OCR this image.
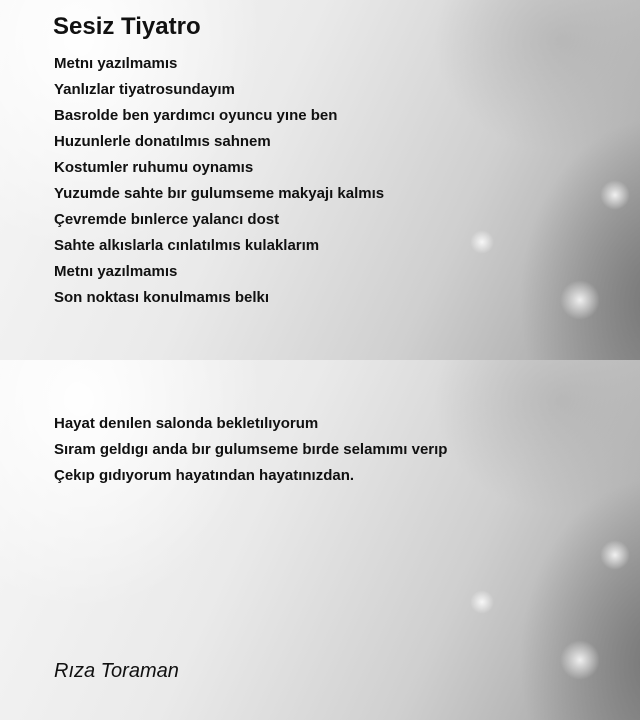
Sesiz Tiyatro
Metnı yazılmamıs
Yanlızlar tiyatrosundayım
Basrolde ben yardımcı oyuncu yıne ben
Huzunlerle donatılmıs sahnem
Kostumler ruhumu oynamıs
Yuzumde sahte bır gulumseme makyajı kalmıs
Çevremde bınlerce yalancı dost
Sahte alkıslarla cınlatılmıs kulaklarım
Metnı yazılmamıs
Son noktası konulmamıs belkı
Hayat denılen salonda bekletılıyorum
Sıram geldıgı anda bır gulumseme bırde selamımı verıp
Çekıp gıdıyorum hayatından hayatınızdan.
Rıza Toraman
